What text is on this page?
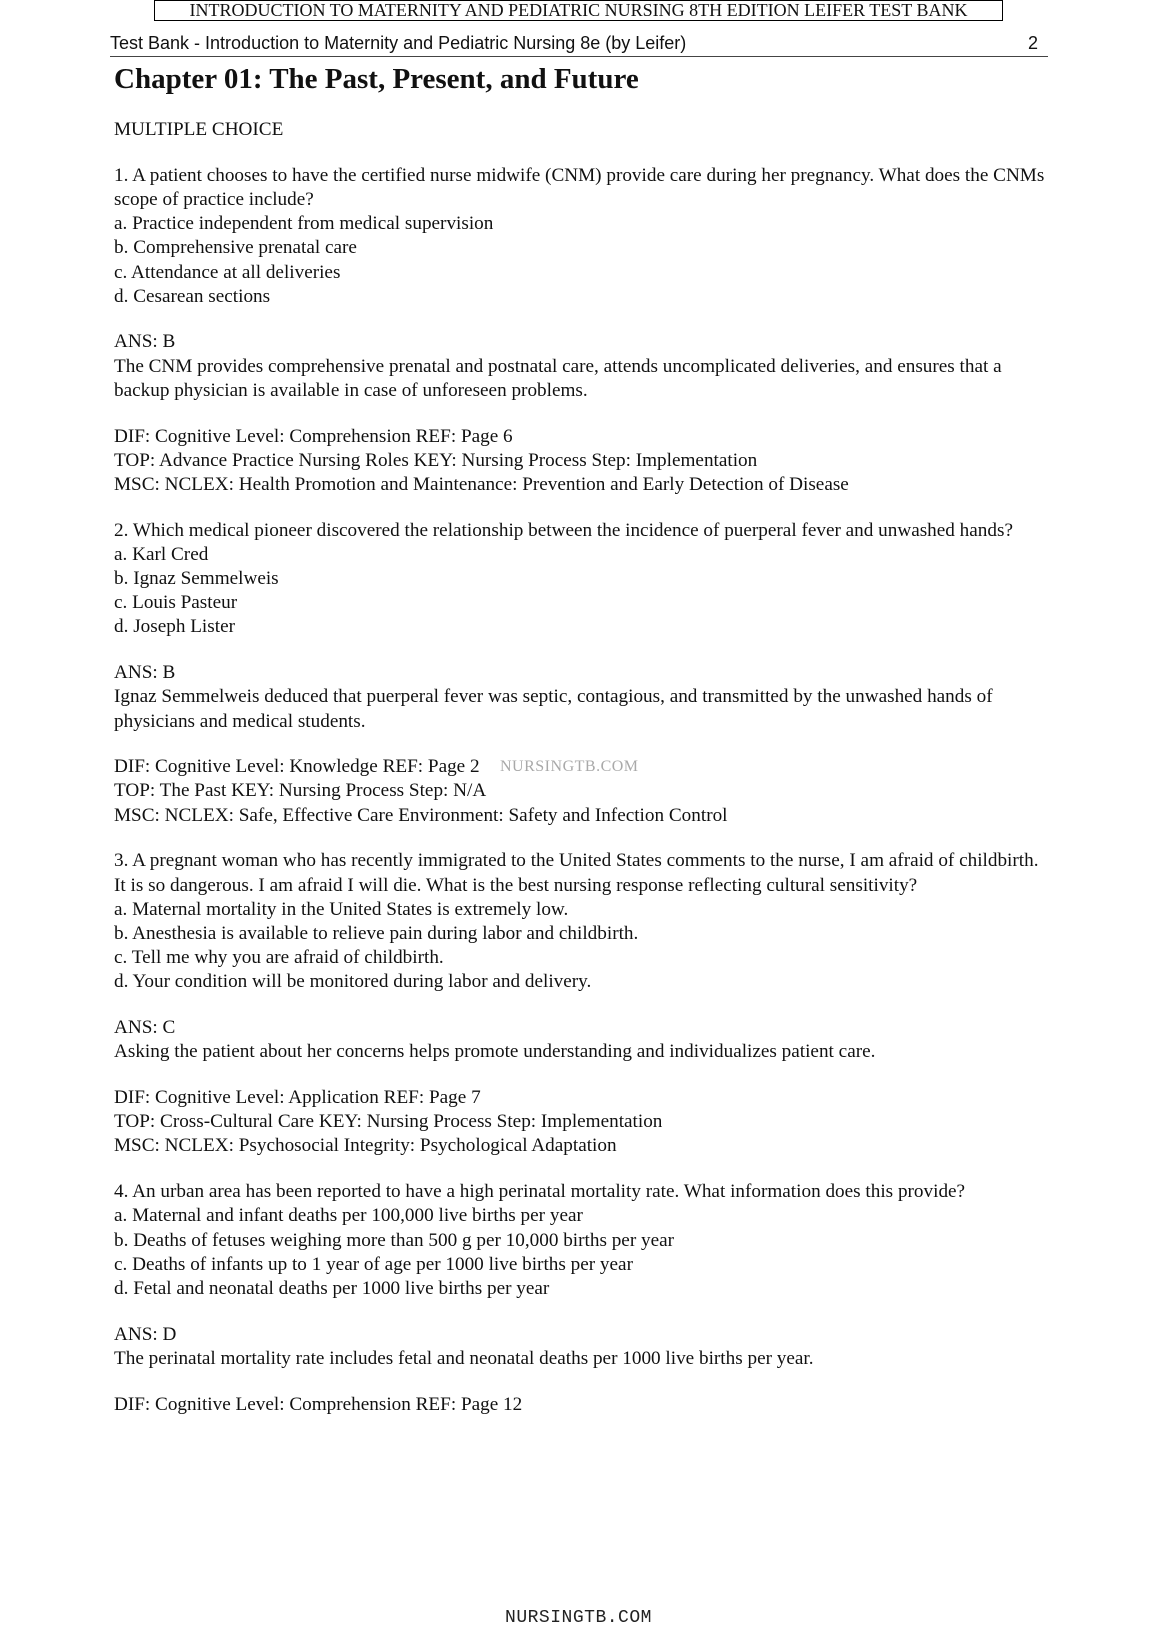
INTRODUCTION TO MATERNITY AND PEDIATRIC NURSING 8TH EDITION LEIFER TEST BANK
Test Bank - Introduction to Maternity and Pediatric Nursing 8e (by Leifer)	2
Chapter 01: The Past, Present, and Future
MULTIPLE CHOICE
1. A patient chooses to have the certified nurse midwife (CNM) provide care during her pregnancy. What does the CNMs scope of practice include?
a. Practice independent from medical supervision
b. Comprehensive prenatal care
c. Attendance at all deliveries
d. Cesarean sections
ANS: B
The CNM provides comprehensive prenatal and postnatal care, attends uncomplicated deliveries, and ensures that a backup physician is available in case of unforeseen problems.
DIF: Cognitive Level: Comprehension REF: Page 6
TOP: Advance Practice Nursing Roles KEY: Nursing Process Step: Implementation
MSC: NCLEX: Health Promotion and Maintenance: Prevention and Early Detection of Disease
2. Which medical pioneer discovered the relationship between the incidence of puerperal fever and unwashed hands?
a. Karl Cred
b. Ignaz Semmelweis
c. Louis Pasteur
d. Joseph Lister
ANS: B
Ignaz Semmelweis deduced that puerperal fever was septic, contagious, and transmitted by the unwashed hands of physicians and medical students.
DIF: Cognitive Level: Knowledge REF: Page 2
TOP: The Past KEY: Nursing Process Step: N/A
MSC: NCLEX: Safe, Effective Care Environment: Safety and Infection Control
3. A pregnant woman who has recently immigrated to the United States comments to the nurse, I am afraid of childbirth. It is so dangerous. I am afraid I will die. What is the best nursing response reflecting cultural sensitivity?
a. Maternal mortality in the United States is extremely low.
b. Anesthesia is available to relieve pain during labor and childbirth.
c. Tell me why you are afraid of childbirth.
d. Your condition will be monitored during labor and delivery.
ANS: C
Asking the patient about her concerns helps promote understanding and individualizes patient care.
DIF: Cognitive Level: Application REF: Page 7
TOP: Cross-Cultural Care KEY: Nursing Process Step: Implementation
MSC: NCLEX: Psychosocial Integrity: Psychological Adaptation
4. An urban area has been reported to have a high perinatal mortality rate. What information does this provide?
a. Maternal and infant deaths per 100,000 live births per year
b. Deaths of fetuses weighing more than 500 g per 10,000 births per year
c. Deaths of infants up to 1 year of age per 1000 live births per year
d. Fetal and neonatal deaths per 1000 live births per year
ANS: D
The perinatal mortality rate includes fetal and neonatal deaths per 1000 live births per year.
DIF: Cognitive Level: Comprehension REF: Page 12
NURSINGTB.COM
NURSINGTB.COM
